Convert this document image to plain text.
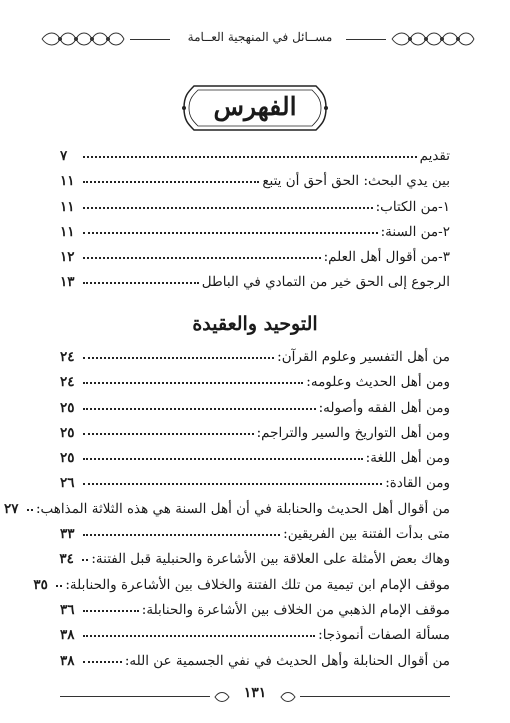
مســائل في المنهجية العــامة
الفهرس
تقديم
٧
بين يدي البحث: الحق أحق أن يتبع
١١
١-من الكتاب:
١١
٢-من السنة:
١١
٣-من أقوال أهل العلم:
١٢
الرجوع إلى الحق خير من التمادي في الباطل
١٣
التوحيد والعقيدة
من أهل التفسير وعلوم القرآن:
٢٤
ومن أهل الحديث وعلومه:
٢٤
ومن أهل الفقه وأصوله:
٢٥
ومن أهل التواريخ والسير والتراجم:
٢٥
ومن أهل اللغة:
٢٥
ومن القادة:
٢٦
من أقوال أهل الحديث والحنابلة في أن أهل السنة هي هذه الثلاثة المذاهب:
٢٧
متى بدأت الفتنة بين الفريقين:
٣٣
وهاك بعض الأمثلة على العلاقة بين الأشاعرة والحنبلية قبل الفتنة:
٣٤
موقف الإمام ابن تيمية من تلك الفتنة والخلاف بين الأشاعرة والحنابلة:
٣٥
موقف الإمام الذهبي من الخلاف بين الأشاعرة والحنابلة:
٣٦
مسألة الصفات أنموذجا:
٣٨
من أقوال الحنابلة وأهل الحديث في نفي الجسمية عن الله:
٣٨
١٣١
